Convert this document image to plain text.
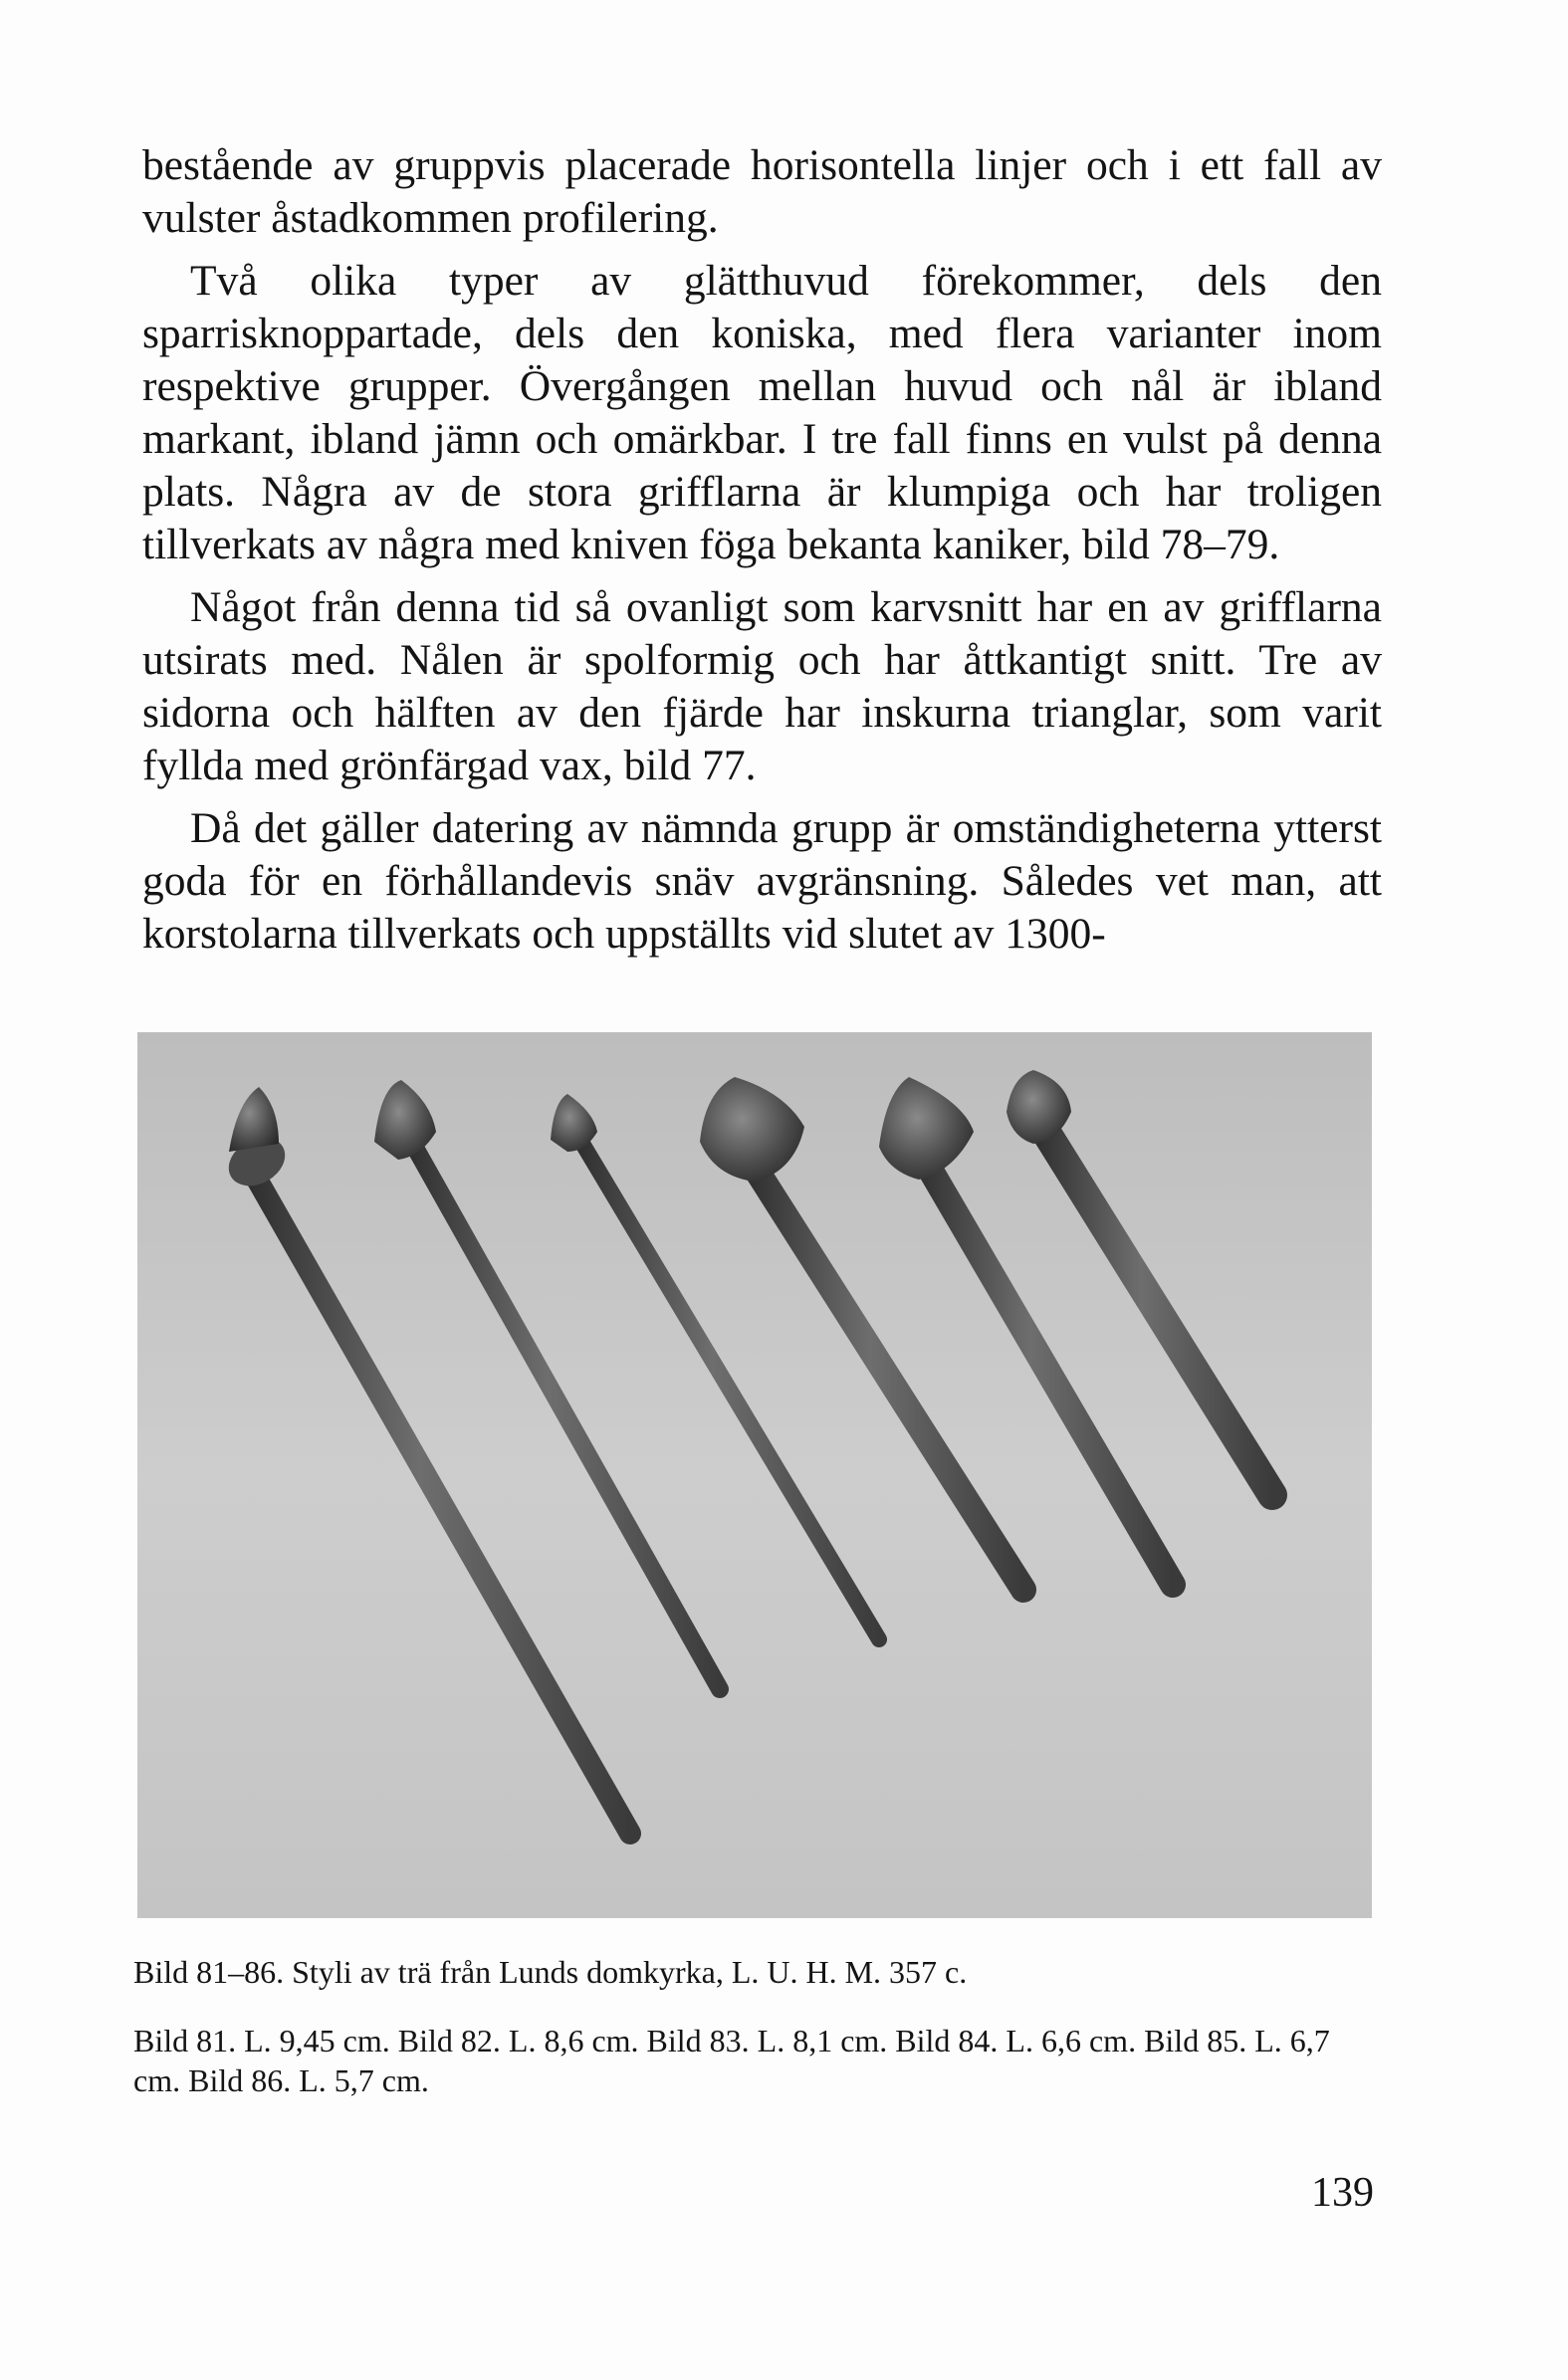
bestående av gruppvis placerade horisontella linjer och i ett fall av vulster åstadkommen profilering.

Två olika typer av glätthuvud förekommer, dels den sparrisknoppartade, dels den koniska, med flera varianter inom respektive grupper. Övergången mellan huvud och nål är ibland markant, ibland jämn och omärkbar. I tre fall finns en vulst på denna plats. Några av de stora grifflarna är klumpiga och har troligen tillverkats av några med kniven föga bekanta kaniker, bild 78–79.

Något från denna tid så ovanligt som karvsnitt har en av grifflarna utsirats med. Nålen är spolformig och har åttkantigt snitt. Tre av sidorna och hälften av den fjärde har inskurna trianglar, som varit fyllda med grönfärgad vax, bild 77.

Då det gäller datering av nämnda grupp är omständigheterna ytterst goda för en förhållandevis snäv avgränsning. Således vet man, att korstolarna tillverkats och uppställts vid slutet av 1300-

Bild 81–86. Styli av trä från Lunds domkyrka, L. U. H. M. 357 c.
Bild 81. L. 9,45 cm. Bild 82. L. 8,6 cm. Bild 83. L. 8,1 cm. Bild 84. L. 6,6 cm. Bild 85. L. 6,7 cm. Bild 86. L. 5,7 cm.
139
